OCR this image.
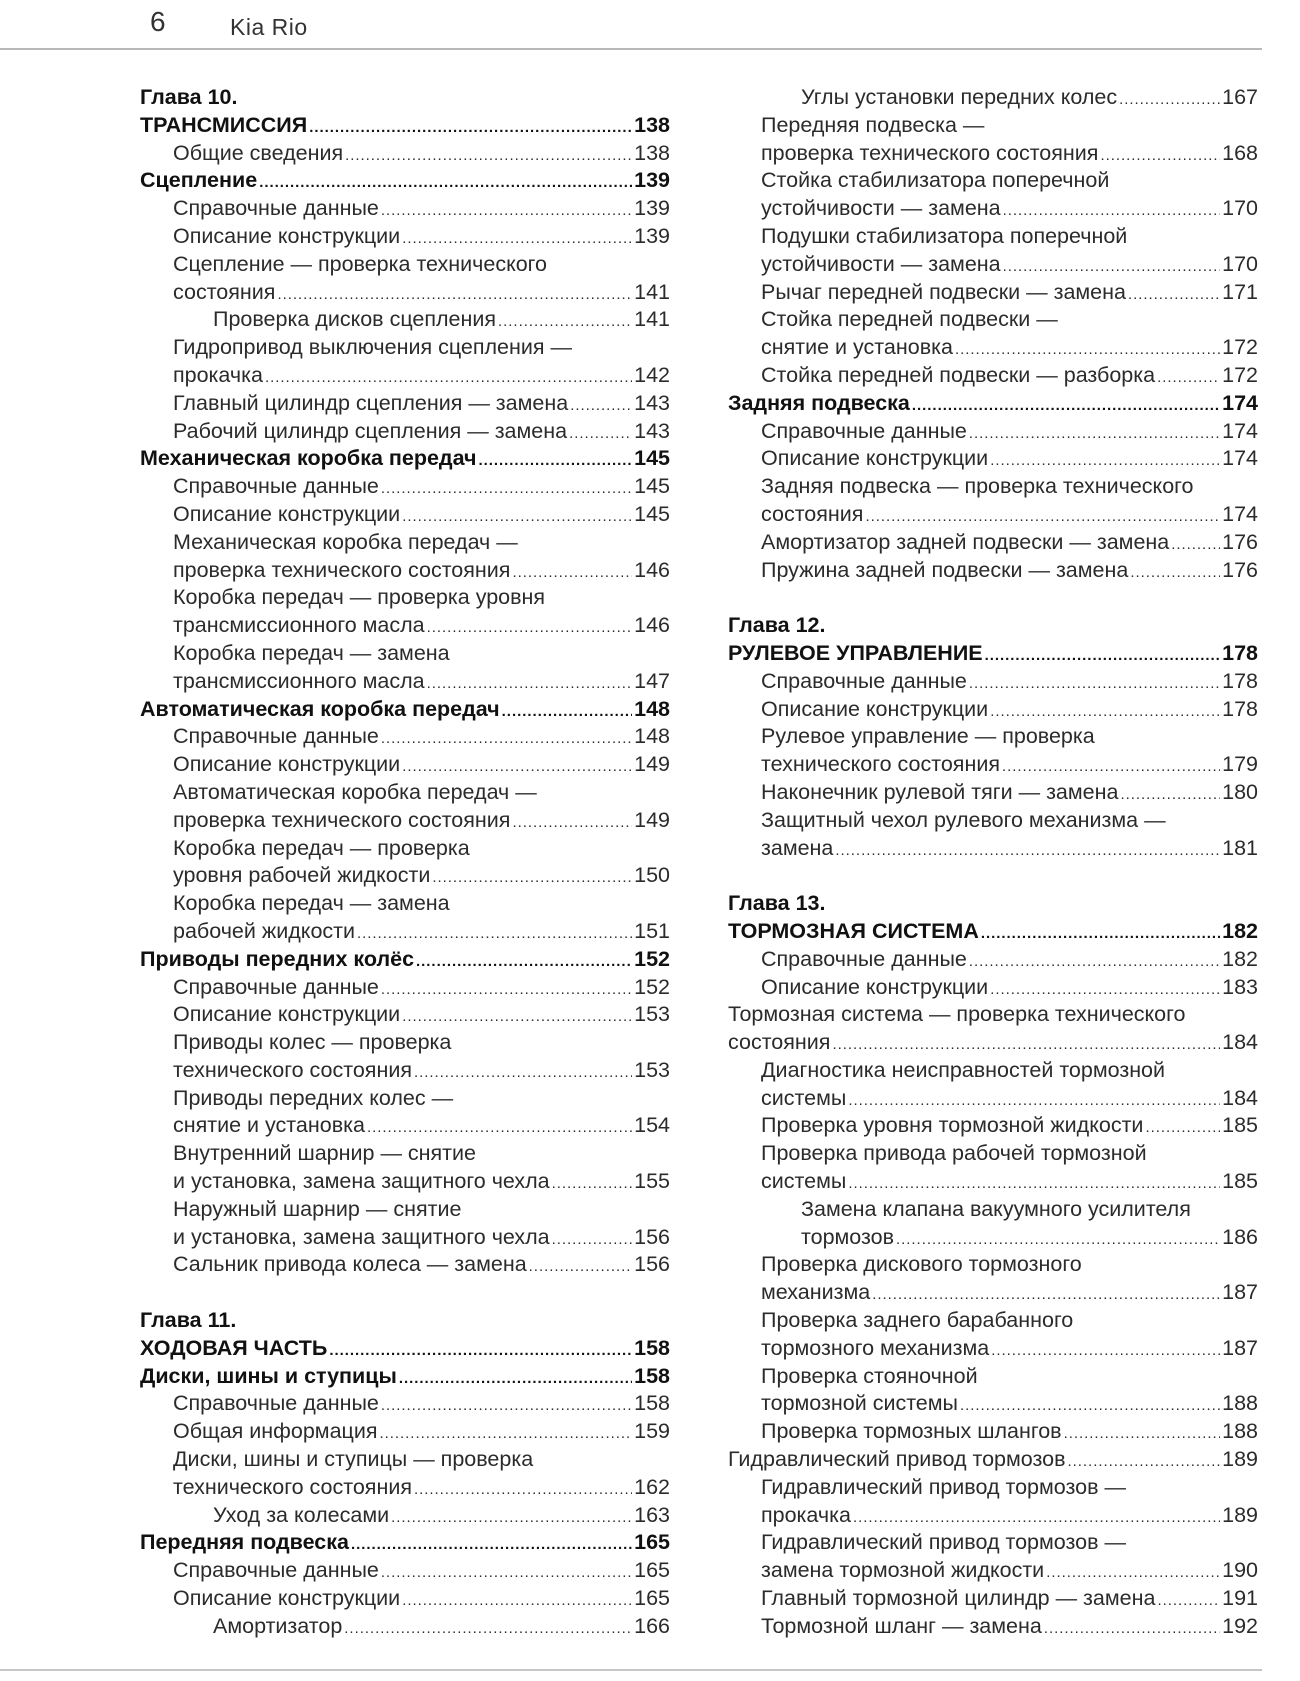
6	Kia Rio
Глава 10.
ТРАНСМИССИЯ . . .	138
Общие сведения . . .	138
Сцепление . . .	139
Справочные данные . . .	139
Описание конструкции . . .	139
Сцепление — проверка технического
состояния . . .	141
Проверка дисков сцепления . . .	141
Гидропривод выключения сцепления —
прокачка . . .	142
Главный цилиндр сцепления — замена . . .	143
Рабочий цилиндр сцепления — замена . . .	143
Механическая коробка передач . . .	145
Справочные данные . . .	145
Описание конструкции . . .	145
Механическая коробка передач —
проверка технического состояния . . .	146
Коробка передач — проверка уровня
трансмиссионного масла . . .	146
Коробка передач — замена
трансмиссионного масла . . .	147
Автоматическая коробка передач . . .	148
Справочные данные . . .	148
Описание конструкции . . .	149
Автоматическая коробка передач —
проверка технического состояния . . .	149
Коробка передач — проверка
уровня рабочей жидкости . . .	150
Коробка передач — замена
рабочей жидкости . . .	151
Приводы передних колёс . . .	152
Справочные данные . . .	152
Описание конструкции . . .	153
Приводы колес — проверка
технического состояния . . .	153
Приводы передних колес —
снятие и установка . . .	154
Внутренний шарнир — снятие
и установка, замена защитного чехла . . .	155
Наружный шарнир — снятие
и установка, замена защитного чехла . . .	156
Сальник привода колеса — замена . . .	156
Глава 11.
ХОДОВАЯ ЧАСТЬ . . .	158
Диски, шины и ступицы . . .	158
Справочные данные . . .	158
Общая информация . . .	159
Диски, шины и ступицы — проверка
технического состояния . . .	162
Уход за колесами . . .	163
Передняя подвеска . . .	165
Справочные данные . . .	165
Описание конструкции . . .	165
Амортизатор . . .	166
Углы установки передних колес . . .	167
Передняя подвеска —
проверка технического состояния . . .	168
Стойка стабилизатора поперечной
устойчивости — замена . . .	170
Подушки стабилизатора поперечной
устойчивости — замена . . .	170
Рычаг передней подвески — замена . . .	171
Стойка передней подвески —
снятие и установка . . .	172
Стойка передней подвески — разборка . . .	172
Задняя подвеска . . .	174
Справочные данные . . .	174
Описание конструкции . . .	174
Задняя подвеска — проверка технического
состояния . . .	174
Амортизатор задней подвески — замена . . . 176
Пружина задней подвески — замена . . .	176
Глава 12.
РУЛЕВОЕ УПРАВЛЕНИЕ . . .	178
Справочные данные . . .	178
Описание конструкции . . .	178
Рулевое управление — проверка
технического состояния . . .	179
Наконечник рулевой тяги — замена . . .	180
Защитный чехол рулевого механизма —
замена . . .	181
Глава 13.
ТОРМОЗНАЯ СИСТЕМА . . .	182
Справочные данные . . .	182
Описание конструкции . . .	183
Тормозная система — проверка технического
состояния . . .	184
Диагностика неисправностей тормозной
системы . . .	184
Проверка уровня тормозной жидкости . . .	185
Проверка привода рабочей тормозной
системы . . .	185
Замена клапана вакуумного усилителя
тормозов . . .	186
Проверка дискового тормозного
механизма . . .	187
Проверка заднего барабанного
тормозного механизма . . .	187
Проверка стояночной
тормозной системы . . .	188
Проверка тормозных шлангов . . .	188
Гидравлический привод тормозов . . .	189
Гидравлический привод тормозов —
прокачка . . .	189
Гидравлический привод тормозов —
замена тормозной жидкости . . .	190
Главный тормозной цилиндр — замена . . .	191
Тормозной шланг — замена . . .	192
